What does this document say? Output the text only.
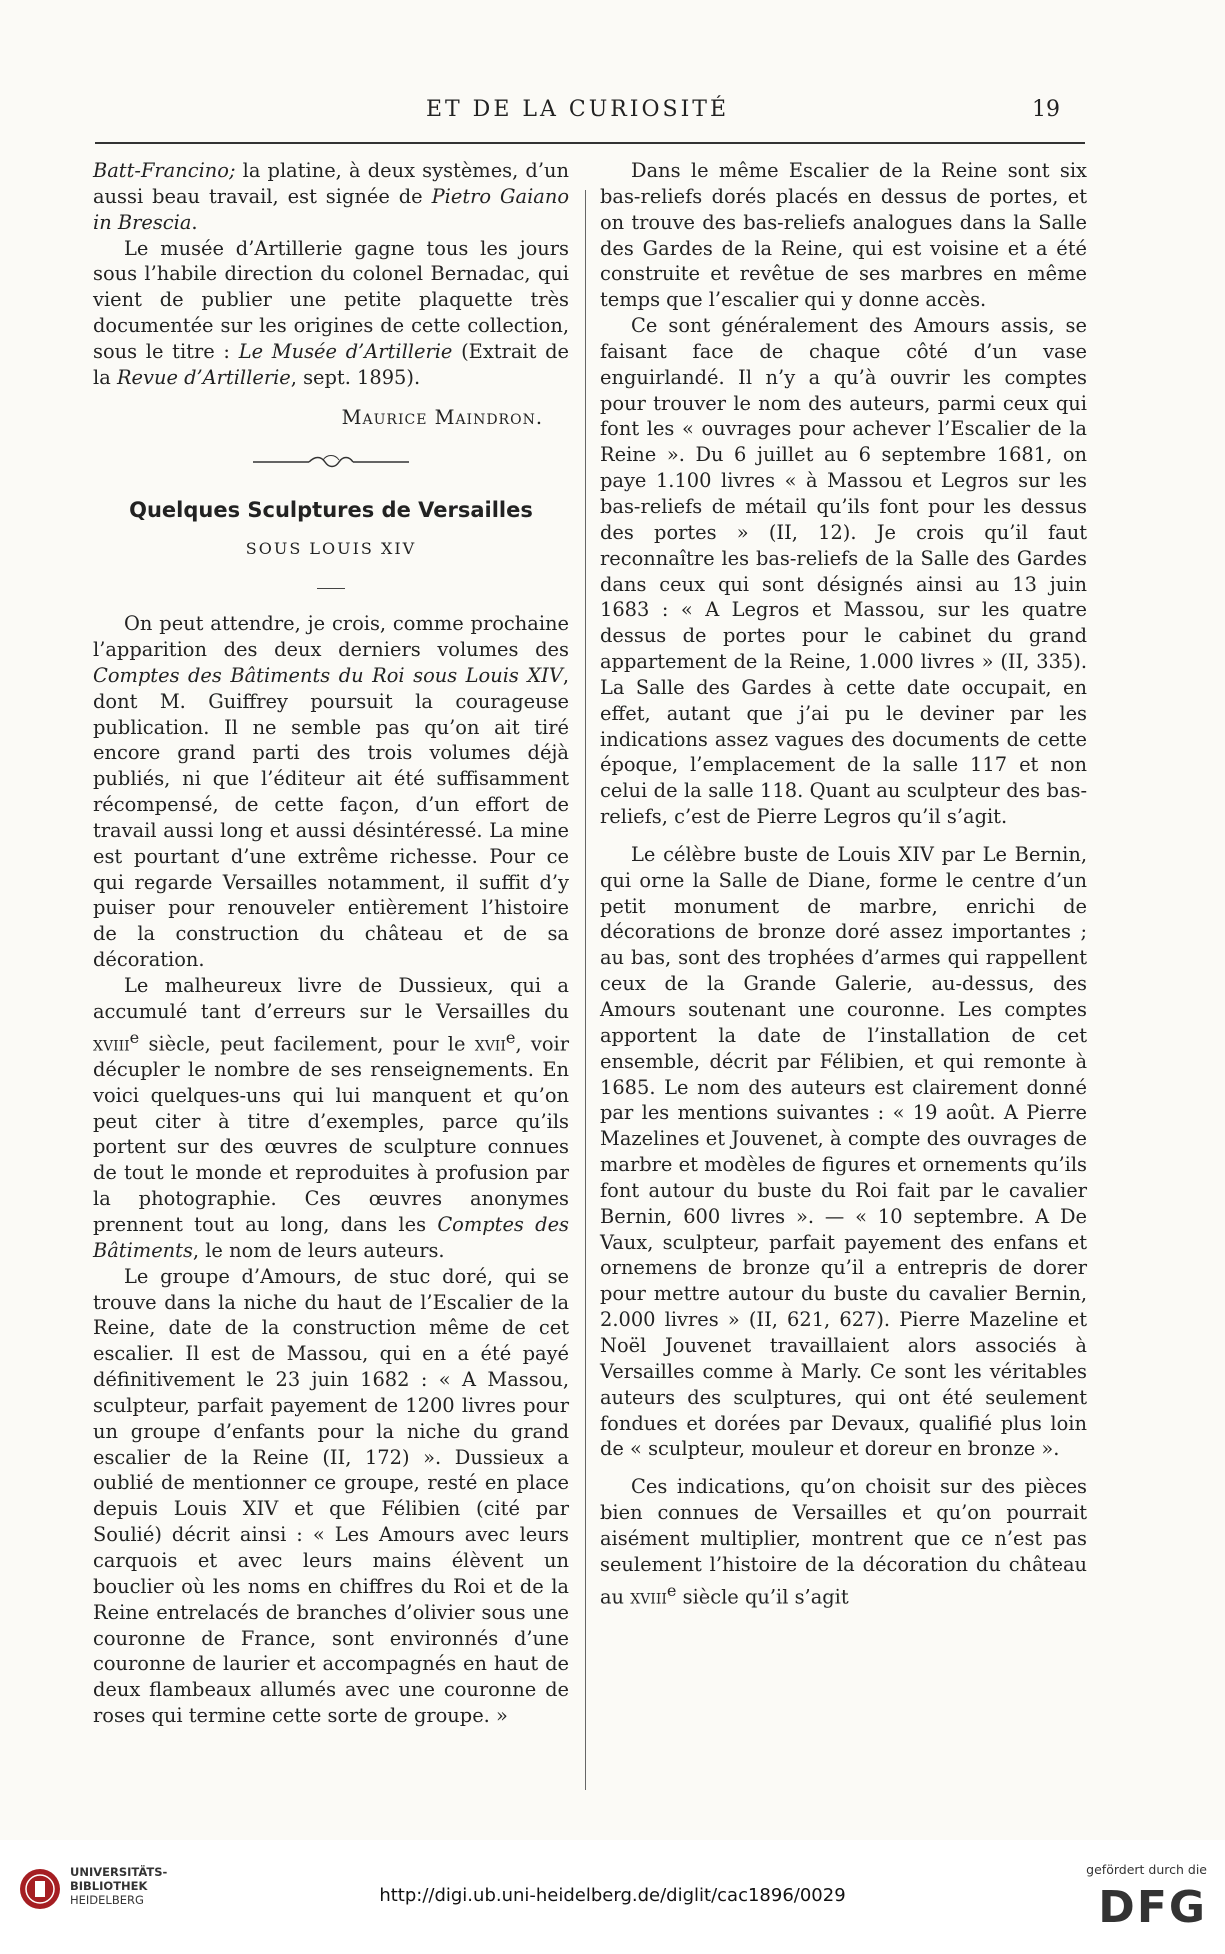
ET DE LA CURIOSITÉ	19

Batt-Francino; la platine, à deux systèmes, d’un aussi beau travail, est signée de Pietro Gaiano in Brescia.

Le musée d’Artillerie gagne tous les jours sous l’habile direction du colonel Bernadac, qui vient de publier une petite plaquette très documentée sur les origines de cette collection, sous le titre : Le Musée d’Artillerie (Extrait de la Revue d’Artillerie, sept. 1895).

Maurice Maindron.
Quelques Sculptures de Versailles
SOUS LOUIS XIV

On peut attendre, je crois, comme prochaine l’apparition des deux derniers volumes des Comptes des Bâtiments du Roi sous Louis XIV, dont M. Guiffrey poursuit la courageuse publication. Il ne semble pas qu’on ait tiré encore grand parti des trois volumes déjà publiés, ni que l’éditeur ait été suffisamment récompensé, de cette façon, d’un effort de travail aussi long et aussi désintéressé. La mine est pourtant d’une extrême richesse. Pour ce qui regarde Versailles notamment, il suffit d’y puiser pour renouveler entièrement l’histoire de la construction du château et de sa décoration.

Le malheureux livre de Dussieux, qui a accumulé tant d’erreurs sur le Versailles du xviii$^e$ siècle, peut facilement, pour le xvii$^e$, voir décupler le nombre de ses renseignements. En voici quelques-uns qui lui manquent et qu’on peut citer à titre d’exemples, parce qu’ils portent sur des œuvres de sculpture connues de tout le monde et reproduites à profusion par la photographie. Ces œuvres anonymes prennent tout au long, dans les Comptes des Bâtiments, le nom de leurs auteurs.

Le groupe d’Amours, de stuc doré, qui se trouve dans la niche du haut de l’Escalier de la Reine, date de la construction même de cet escalier. Il est de Massou, qui en a été payé définitivement le 23 juin 1682 : « A Massou, sculpteur, parfait payement de 1200 livres pour un groupe d’enfants pour la niche du grand escalier de la Reine (II, 172) ». Dussieux a oublié de mentionner ce groupe, resté en place depuis Louis XIV et que Félibien (cité par Soulié) décrit ainsi : « Les Amours avec leurs carquois et avec leurs mains élèvent un bouclier où les noms en chiffres du Roi et de la Reine entrelacés de branches d’olivier sous une couronne de France, sont environnés d’une couronne de laurier et accompagnés en haut de deux flambeaux allumés avec une couronne de roses qui termine cette sorte de groupe. »

Dans le même Escalier de la Reine sont six bas-reliefs dorés placés en dessus de portes, et on trouve des bas-reliefs analogues dans la Salle des Gardes de la Reine, qui est voisine et a été construite et revêtue de ses marbres en même temps que l’escalier qui y donne accès.

Ce sont généralement des Amours assis, se faisant face de chaque côté d’un vase enguirlandé. Il n’y a qu’à ouvrir les comptes pour trouver le nom des auteurs, parmi ceux qui font les « ouvrages pour achever l’Escalier de la Reine ». Du 6 juillet au 6 septembre 1681, on paye 1.100 livres « à Massou et Legros sur les bas-reliefs de métail qu’ils font pour les dessus des portes » (II, 12). Je crois qu’il faut reconnaître les bas-reliefs de la Salle des Gardes dans ceux qui sont désignés ainsi au 13 juin 1683 : « A Legros et Massou, sur les quatre dessus de portes pour le cabinet du grand appartement de la Reine, 1.000 livres » (II, 335). La Salle des Gardes à cette date occupait, en effet, autant que j’ai pu le deviner par les indications assez vagues des documents de cette époque, l’emplacement de la salle 117 et non celui de la salle 118. Quant au sculpteur des bas-reliefs, c’est de Pierre Legros qu’il s’agit.

Le célèbre buste de Louis XIV par Le Bernin, qui orne la Salle de Diane, forme le centre d’un petit monument de marbre, enrichi de décorations de bronze doré assez importantes ; au bas, sont des trophées d’armes qui rappellent ceux de la Grande Galerie, au-dessus, des Amours soutenant une couronne. Les comptes apportent la date de l’installation de cet ensemble, décrit par Félibien, et qui remonte à 1685. Le nom des auteurs est clairement donné par les mentions suivantes : « 19 août. A Pierre Mazelines et Jouvenet, à compte des ouvrages de marbre et modèles de figures et ornements qu’ils font autour du buste du Roi fait par le cavalier Bernin, 600 livres ». — « 10 septembre. A De Vaux, sculpteur, parfait payement des enfans et ornemens de bronze qu’il a entrepris de dorer pour mettre autour du buste du cavalier Bernin, 2.000 livres » (II, 621, 627). Pierre Mazeline et Noël Jouvenet travaillaient alors associés à Versailles comme à Marly. Ce sont les véritables auteurs des sculptures, qui ont été seulement fondues et dorées par Devaux, qualifié plus loin de « sculpteur, mouleur et doreur en bronze ».

Ces indications, qu’on choisit sur des pièces bien connues de Versailles et qu’on pourrait aisément multiplier, montrent que ce n’est pas seulement l’histoire de la décoration du château au xviii$^e$ siècle qu’il s’agit

UNIVERSITÄTS-
BIBLIOTHEK
HEIDELBERG	http://digi.ub.uni-heidelberg.de/diglit/cac1896/0029
gefördert durch die
DFG
